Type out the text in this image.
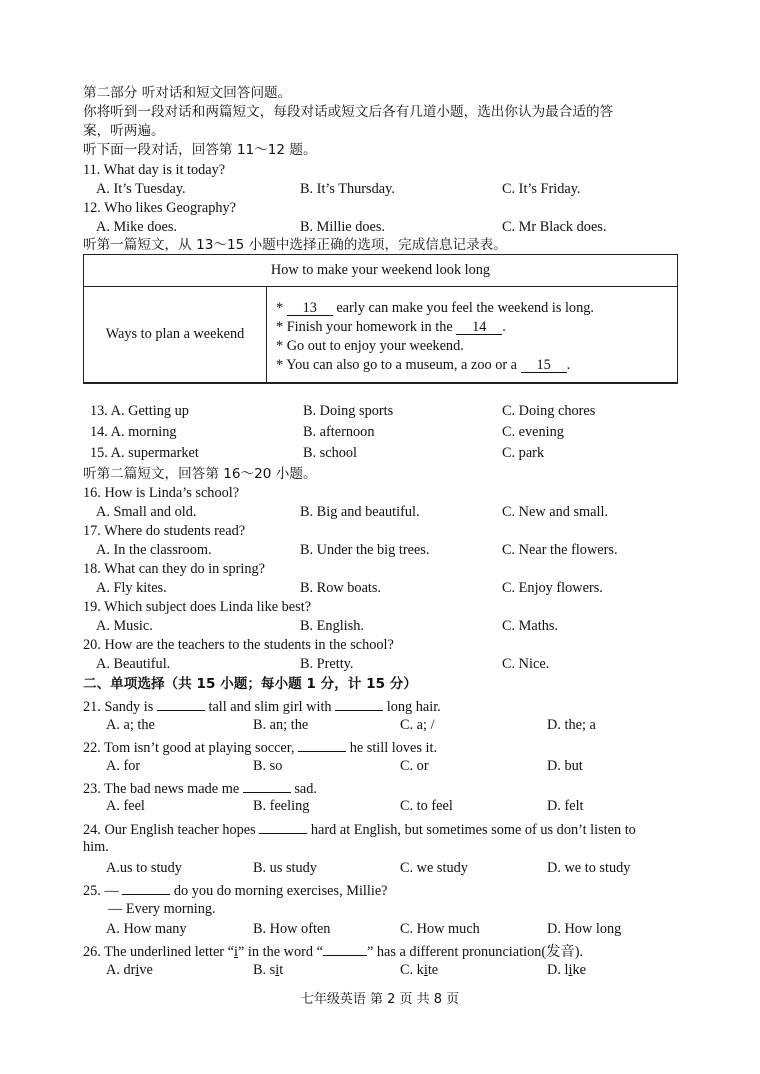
第二部分 听对话和短文回答问题。
你将听到一段对话和两篇短文，每段对话或短文后各有几道小题，选出你认为最合适的答
案，听两遍。
听下面一段对话，回答第 11～12 题。
11. What day is it today?
A. It’s Tuesday.	B. It’s Thursday.	C. It’s Friday.
12. Who likes Geography?
A. Mike does.	B. Millie does.	C. Mr Black does.
听第一篇短文，从 13～15 小题中选择正确的选项，完成信息记录表。
How to make your weekend look long
Ways to plan a weekend
* 13 early can make you feel the weekend is long.
* Finish your homework in the 14 .
* Go out to enjoy your weekend.
* You can also go to a museum, a zoo or a 15 .
13. A. Getting up	B. Doing sports	C. Doing chores
14. A. morning	B. afternoon	C. evening
15. A. supermarket	B. school	C. park
听第二篇短文，回答第 16～20 小题。
16. How is Linda’s school?
A. Small and old.	B. Big and beautiful.	C. New and small.
17. Where do students read?
A. In the classroom.	B. Under the big trees.	C. Near the flowers.
18. What can they do in spring?
A. Fly kites.	B. Row boats.	C. Enjoy flowers.
19. Which subject does Linda like best?
A. Music.	B. English.	C. Maths.
20. How are the teachers to the students in the school?
A. Beautiful.	B. Pretty.	C. Nice.
二、单项选择（共 15 小题；每小题 1 分，计 15 分）
21. Sandy is	tall and slim girl with	long hair.
A. a; the	B. an; the	C. a; /	D. the; a
22. Tom isn’t good at playing soccer,	he still loves it.
A. for	B. so	C. or	D. but
23. The bad news made me	sad.
A. feel	B. feeling	C. to feel	D. felt
24. Our English teacher hopes	hard at English, but sometimes some of us don’t listen to
him.
A.us to study	B. us study	C. we study	D. we to study
25. —	do you do morning exercises, Millie?
— Every morning.
A. How many	B. How often	C. How much	D. How long
26. The underlined letter “i” in the word “	” has a different pronunciation(发音).
A. drive	B. sit	C. kite	D. like
七年级英语 第 2 页 共 8 页
